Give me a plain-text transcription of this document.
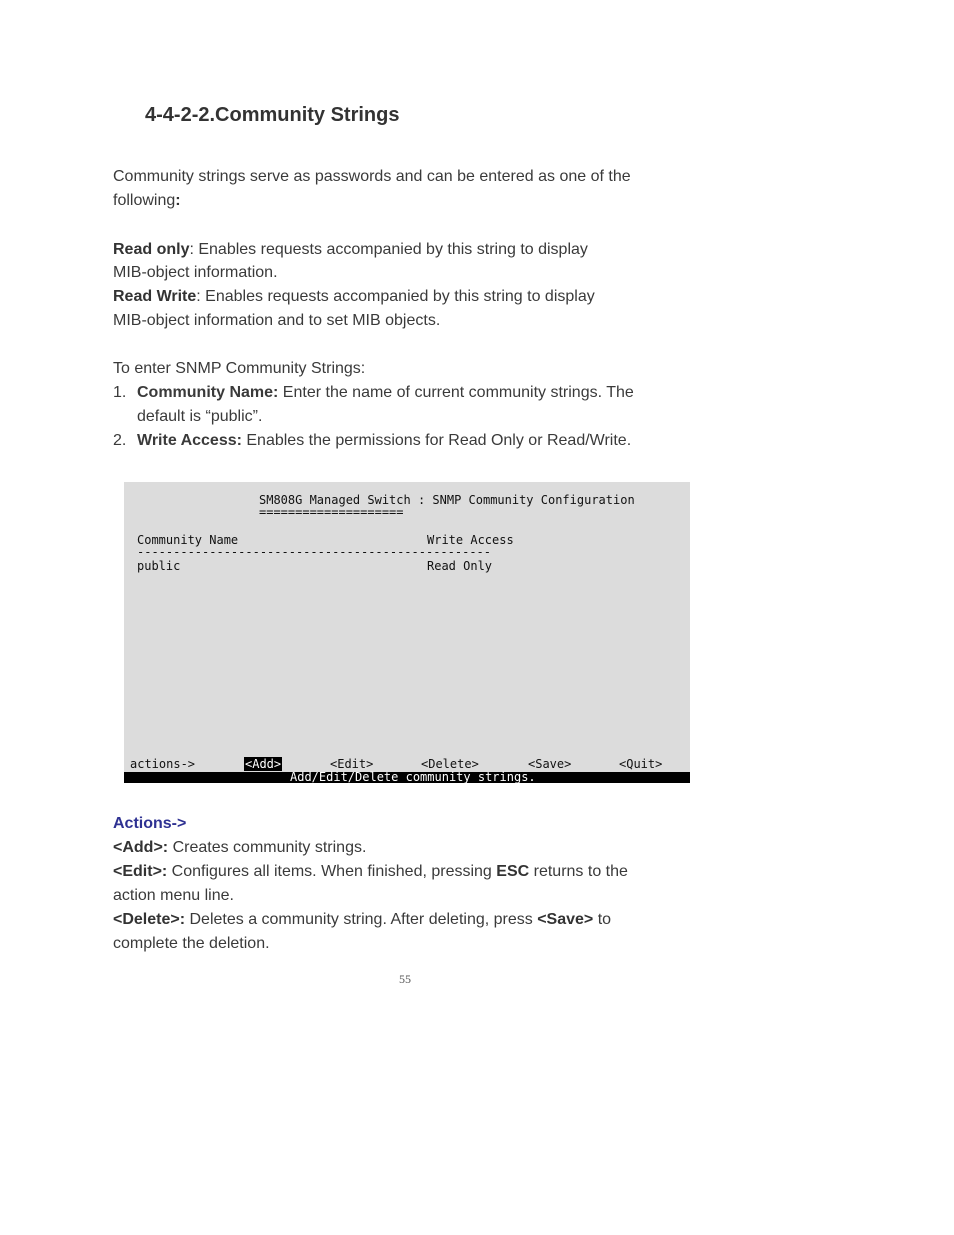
4-4-2-2.Community Strings
Community strings serve as passwords and can be entered as one of the
following:
Read only: Enables requests accompanied by this string to display
MIB-object information.
Read Write: Enables requests accompanied by this string to display
MIB-object information and to set MIB objects.
To enter SNMP Community Strings:
1. Community Name: Enter the name of current community strings. The
default is “public”.
2. Write Access: Enables the permissions for Read Only or Read/Write.
SM808G Managed Switch : SNMP Community Configuration
====================
Community Name	Write Access
-------------------------------------------------
public	Read Only
actions->	<Add>	<Edit>	<Delete>	<Save>	<Quit>
Add/Edit/Delete community strings.
Actions->
<Add>: Creates community strings.
<Edit>: Configures all items. When finished, pressing ESC returns to the
action menu line.
<Delete>: Deletes a community string. After deleting, press <Save> to
complete the deletion.
55
